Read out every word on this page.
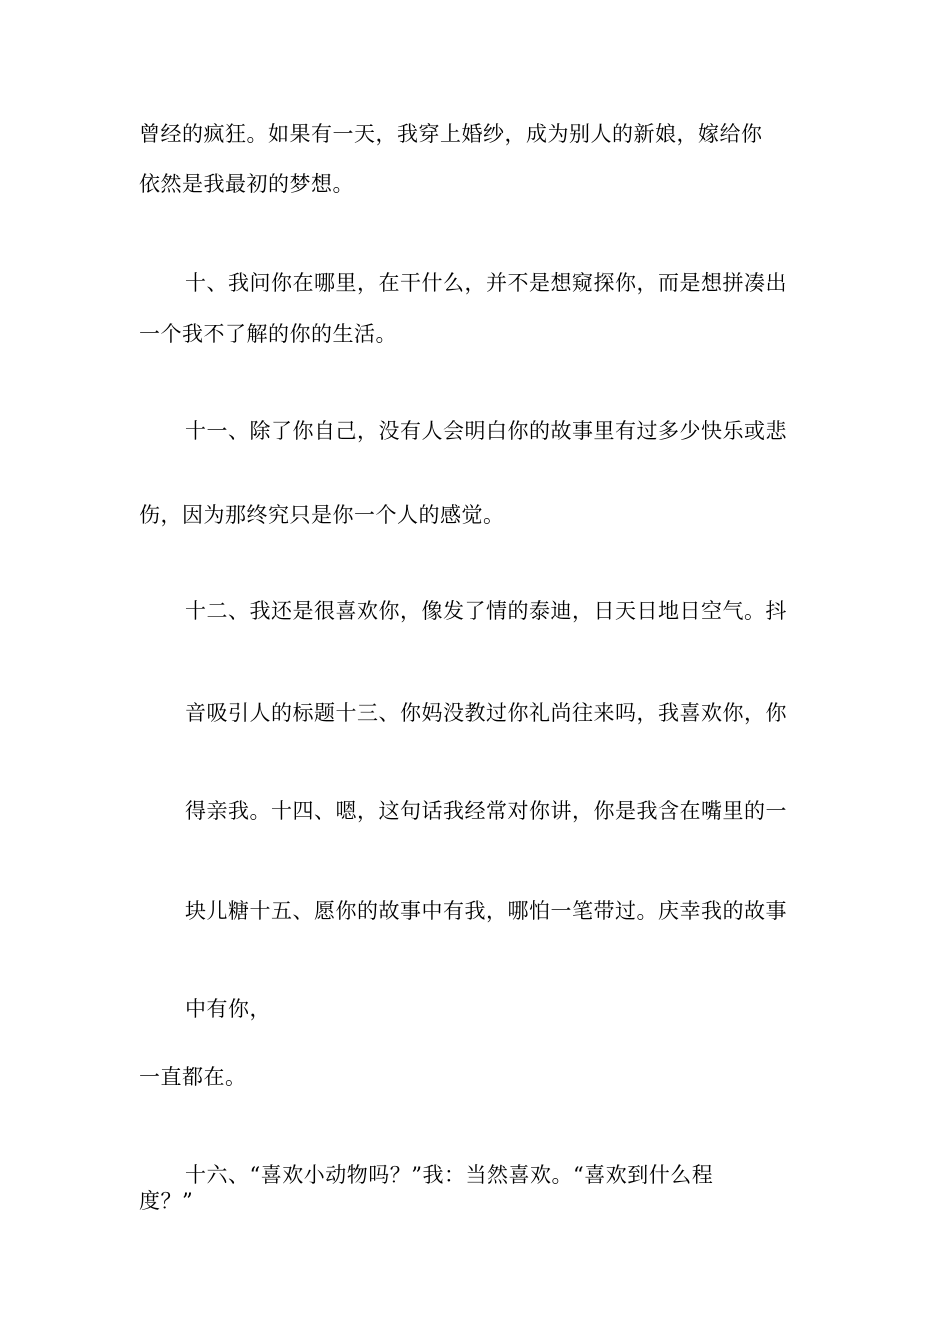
曾经的疯狂。如果有一天，我穿上婚纱，成为别人的新娘，嫁给你
依然是我最初的梦想。
十、我问你在哪里，在干什么，并不是想窥探你，而是想拼凑出
一个我不了解的你的生活。
十一、除了你自己，没有人会明白你的故事里有过多少快乐或悲
伤，因为那终究只是你一个人的感觉。
十二、我还是很喜欢你，像发了情的泰迪，日天日地日空气。抖
音吸引人的标题十三、你妈没教过你礼尚往来吗，我喜欢你，你
得亲我。十四、嗯，这句话我经常对你讲，你是我含在嘴里的一
块儿糖十五、愿你的故事中有我，哪怕一笔带过。庆幸我的故事
中有你，
一直都在。
十六、“喜欢小动物吗？”我：当然喜欢。“喜欢到什么程
度？”
